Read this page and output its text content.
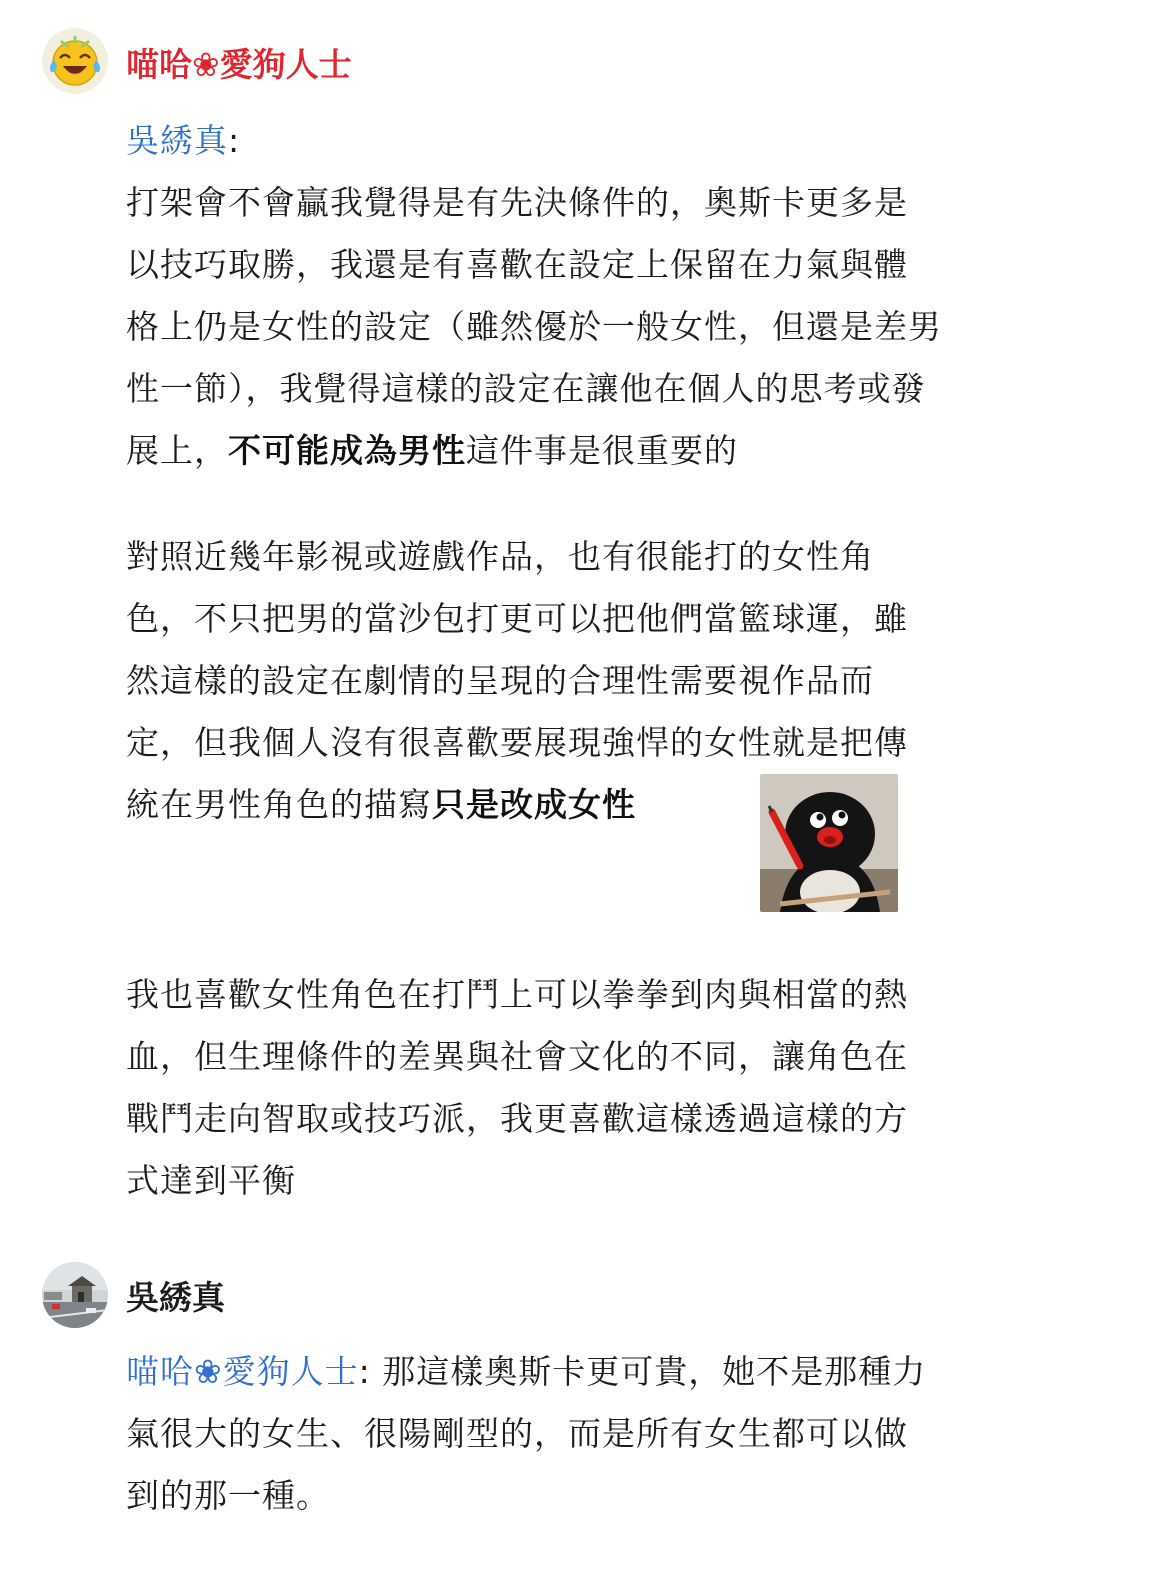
喵哈❀愛狗人士
吳綉真:
打架會不會贏我覺得是有先決條件的，奧斯卡更多是
以技巧取勝，我還是有喜歡在設定上保留在力氣與體
格上仍是女性的設定（雖然優於一般女性，但還是差男
性一節），我覺得這樣的設定在讓他在個人的思考或發
展上，不可能成為男性這件事是很重要的
對照近幾年影視或遊戲作品，也有很能打的女性角
色，不只把男的當沙包打更可以把他們當籃球運，雖
然這樣的設定在劇情的呈現的合理性需要視作品而
定，但我個人沒有很喜歡要展現強悍的女性就是把傳
統在男性角色的描寫只是改成女性
我也喜歡女性角色在打鬥上可以拳拳到肉與相當的熱
血，但生理條件的差異與社會文化的不同，讓角色在
戰鬥走向智取或技巧派，我更喜歡這樣透過這樣的方
式達到平衡
吳綉真
喵哈❀愛狗人士: 那這樣奧斯卡更可貴，她不是那種力
氣很大的女生、很陽剛型的，而是所有女生都可以做
到的那一種。
